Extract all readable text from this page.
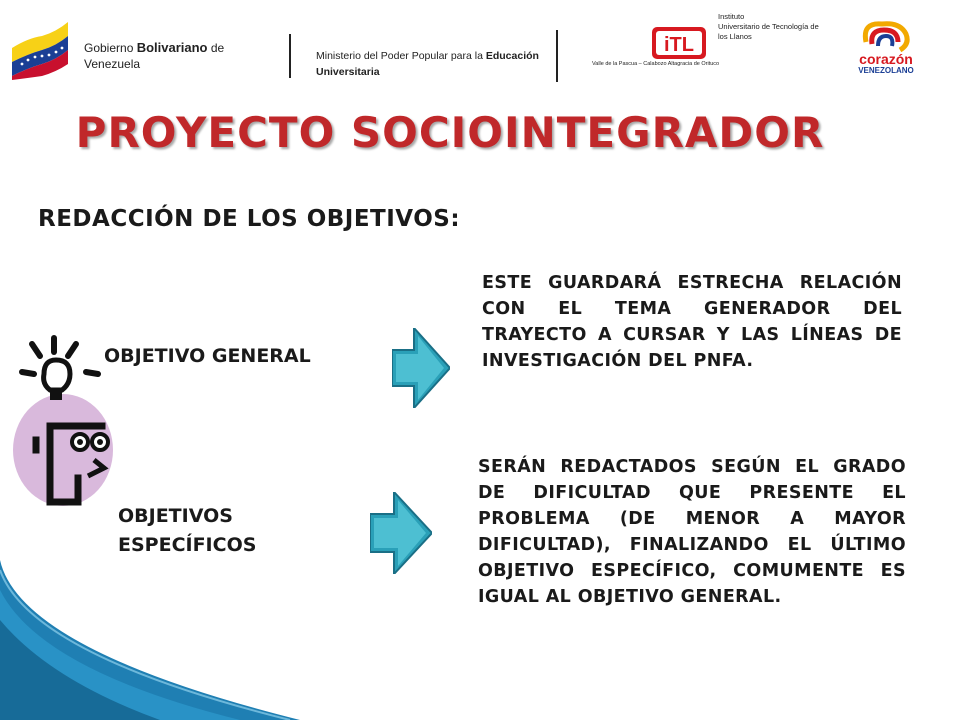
Gobierno Bolivariano de Venezuela
Ministerio del Poder Popular para la Educación Universitaria
iTL
Instituto
Universitario de Tecnología de
los Llanos
Valle de la Pascua – Calabozo Altagracia de Orituco	corazón
VENEZOLANO
PROYECTO SOCIOINTEGRADOR
REDACCIÓN DE LOS OBJETIVOS:
OBJETIVO GENERAL
OBJETIVOS ESPECÍFICOS
ESTE GUARDARÁ ESTRECHA RELACIÓN CON EL TEMA GENERADOR DEL TRAYECTO A CURSAR Y LAS LÍNEAS DE INVESTIGACIÓN DEL PNFA.
SERÁN REDACTADOS SEGÚN EL GRADO DE DIFICULTAD QUE PRESENTE EL PROBLEMA (DE MENOR A MAYOR DIFICULTAD), FINALIZANDO EL ÚLTIMO OBJETIVO ESPECÍFICO, COMUMENTE ES IGUAL AL OBJETIVO GENERAL.
